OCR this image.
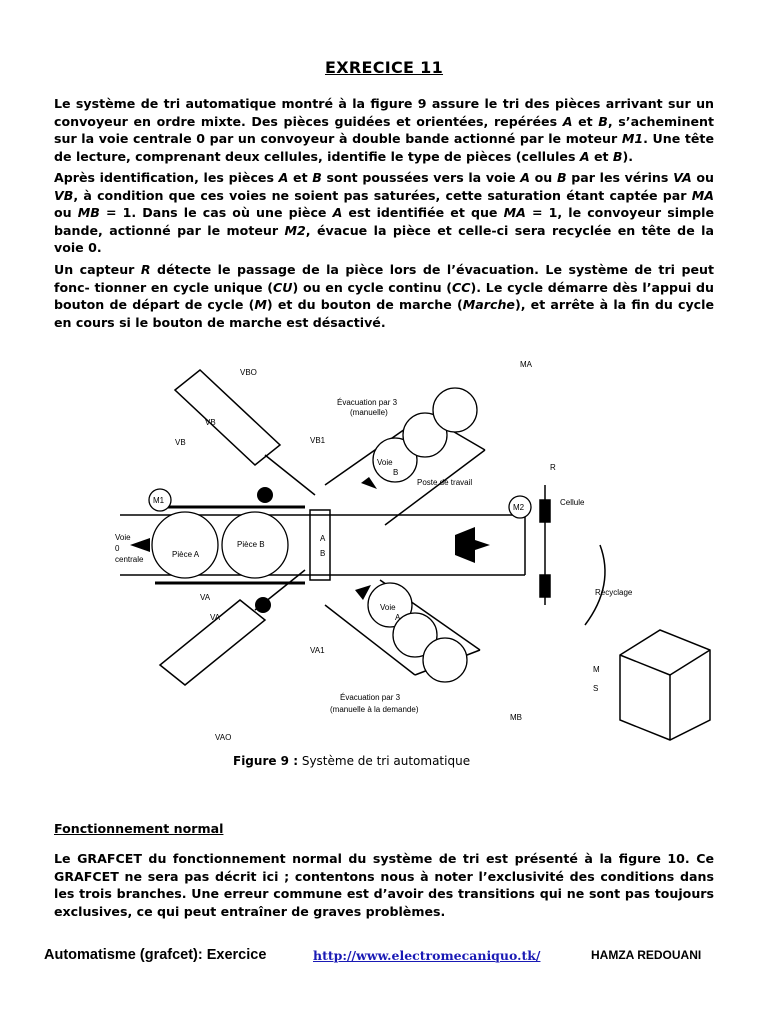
EXRECICE 11

Le système de tri automatique montré à la figure 9 assure le tri des pièces arrivant sur un convoyeur en ordre mixte. Des pièces guidées et orientées, repérées A et B, s’acheminent sur la voie centrale 0 par un convoyeur à double bande actionné par le moteur M1. Une tête de lecture, comprenant deux cellules, identifie le type de pièces (cellules A et B).

Après identification, les pièces A et B sont poussées vers la voie A ou B par les vérins VA ou VB, à condition que ces voies ne soient pas saturées, cette saturation étant captée par MA ou MB = 1. Dans le cas où une pièce A est identifiée et que MA = 1, le convoyeur simple bande, actionné par le moteur M2, évacue la pièce et celle-ci sera recyclée en tête de la voie 0.

Un capteur R détecte le passage de la pièce lors de l’évacuation. Le système de tri peut fonc- tionner en cycle unique (CU) ou en cycle continu (CC). Le cycle démarre dès l’appui du bouton de départ de cycle (M) et du bouton de marche (Marche), et arrête à la fin du cycle en cours si le bouton de marche est désactivé.

VBO
VB
VB	VB1
Évacuation par 3
(manuelle)
MA
Voie
B
Poste de travail
R
Cellule
M1
M2
Voie
0
centrale
Pièce A
Pièce B
A
B
Recyclage
VA
VA
VA1
VAO
Voie
A
Évacuation par 3
(manuelle à la demande)
MB
M
S
Figure 9 : Système de tri automatique
Fonctionnement normal

Le GRAFCET du fonctionnement normal du système de tri est présenté à la figure 10. Ce GRAFCET ne sera pas décrit ici ; contentons nous à noter l’exclusivité des conditions dans les trois branches. Une erreur commune est d’avoir des transitions qui ne sont pas toujours exclusives, ce qui peut entraîner de graves problèmes.

Automatisme (grafcet): Exercice	http://www.electromecaniquo.tk/	HAMZA REDOUANI
